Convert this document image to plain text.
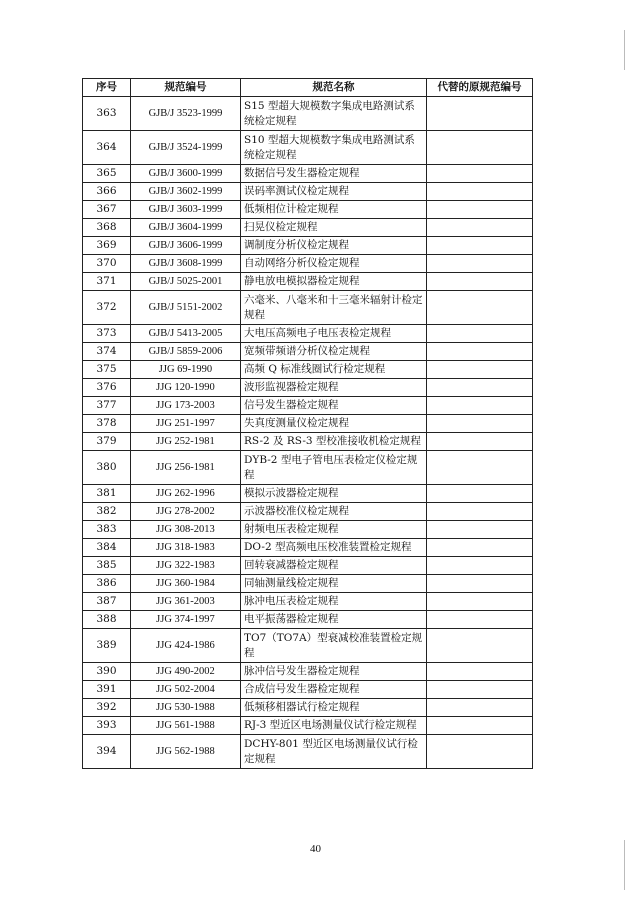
序号	规范编号	规范名称	代替的原规范编号
363	GJB/J 3523-1999	S15 型超大规模数字集成电路测试系统检定规程	
364	GJB/J 3524-1999	S10 型超大规模数字集成电路测试系统检定规程	
365	GJB/J 3600-1999	数据信号发生器检定规程	
366	GJB/J 3602-1999	误码率测试仪检定规程	
367	GJB/J 3603-1999	低频相位计检定规程	
368	GJB/J 3604-1999	扫晃仪检定规程	
369	GJB/J 3606-1999	调制度分析仪检定规程	
370	GJB/J 3608-1999	自动网络分析仪检定规程	
371	GJB/J 5025-2001	静电放电模拟器检定规程	
372	GJB/J 5151-2002	六毫米、八毫米和十三毫米辐射计检定规程	
373	GJB/J 5413-2005	大电压高频电子电压表检定规程	
374	GJB/J 5859-2006	宽频带频谱分析仪检定规程	
375	JJG 69-1990	高频 Q 标准线圈试行检定规程	
376	JJG 120-1990	波形监视器检定规程	
377	JJG 173-2003	信号发生器检定规程	
378	JJG 251-1997	失真度测量仪检定规程	
379	JJG 252-1981	RS-2 及 RS-3 型校准接收机检定规程	
380	JJG 256-1981	DYB-2 型电子管电压表检定仪检定规程	
381	JJG 262-1996	模拟示波器检定规程	
382	JJG 278-2002	示波器校准仪检定规程	
383	JJG 308-2013	射频电压表检定规程	
384	JJG 318-1983	DO-2 型高频电压校准装置检定规程	
385	JJG 322-1983	回转衰减器检定规程	
386	JJG 360-1984	同轴测量线检定规程	
387	JJG 361-2003	脉冲电压表检定规程	
388	JJG 374-1997	电平振荡器检定规程	
389	JJG 424-1986	TO7（TO7A）型衰减校准装置检定规程	
390	JJG 490-2002	脉冲信号发生器检定规程	
391	JJG 502-2004	合成信号发生器检定规程	
392	JJG 530-1988	低频移相器试行检定规程	
393	JJG 561-1988	RJ-3 型近区电场测量仪试行检定规程	
394	JJG 562-1988	DCHY-801 型近区电场测量仪试行检定规程	
40
